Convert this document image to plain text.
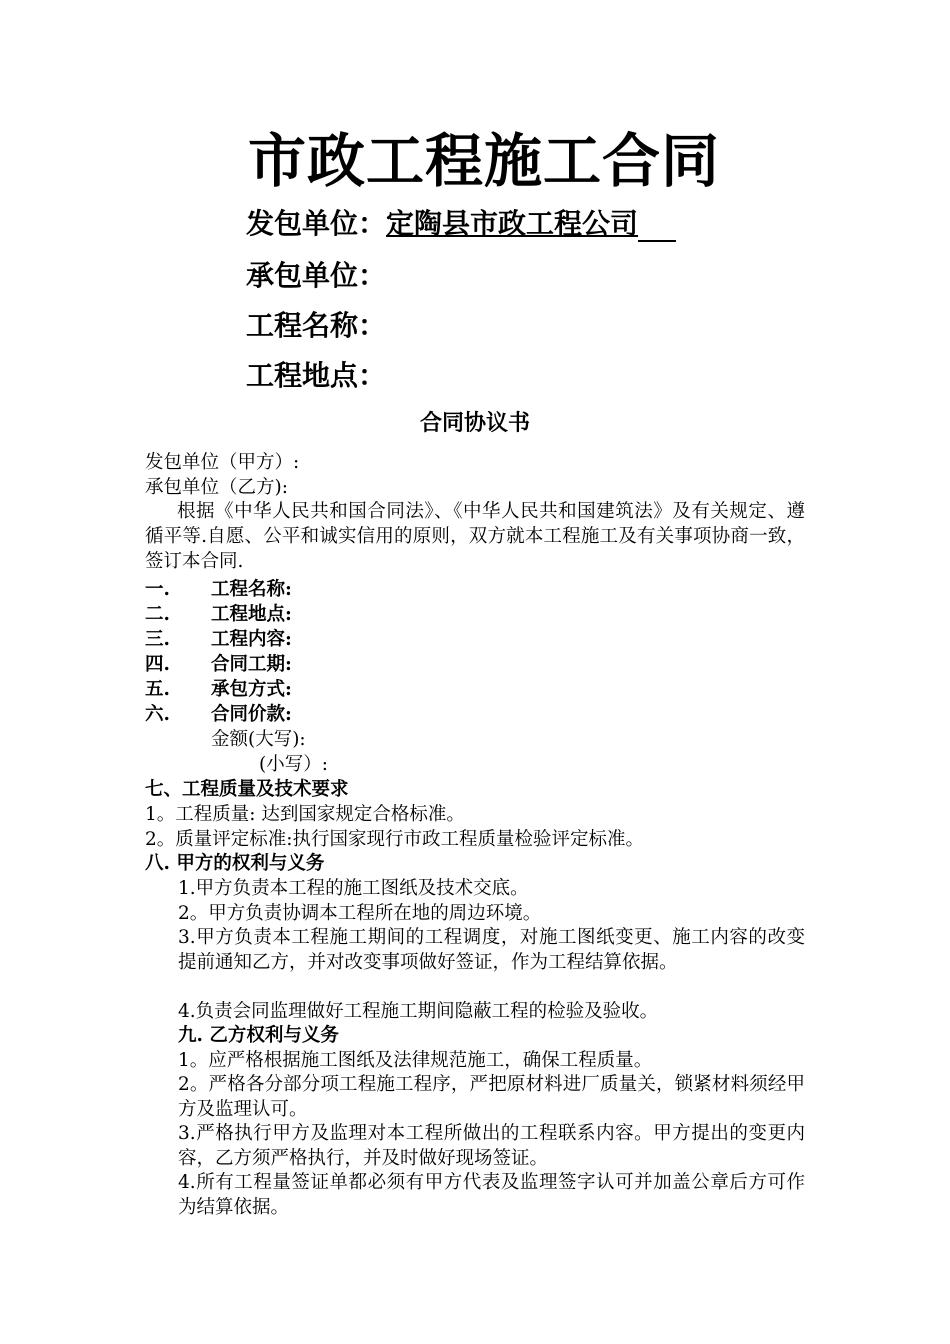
市政工程施工合同
发包单位：定陶县市政工程公司
承包单位：
工程名称：
工程地点：
合同协议书
发包单位（甲方）:
承包单位（乙方):
根据《中华人民共和国合同法》、《中华人民共和国建筑法》及有关规定、遵循平等.自愿、公平和诚实信用的原则，双方就本工程施工及有关事项协商一致，签订本合同.
一. 工程名称:
二. 工程地点:
三. 工程内容:
四. 合同工期:
五. 承包方式:
六. 合同价款:
金额(大写):
(小写）:
七、工程质量及技术要求
1。工程质量: 达到国家规定合格标准。
2。质量评定标准:执行国家现行市政工程质量检验评定标准。
八. 甲方的权利与义务
1.甲方负责本工程的施工图纸及技术交底。
2。甲方负责协调本工程所在地的周边环境。
3.甲方负责本工程施工期间的工程调度，对施工图纸变更、施工内容的改变提前通知乙方，并对改变事项做好签证，作为工程结算依据。
4.负责会同监理做好工程施工期间隐蔽工程的检验及验收。
九. 乙方权利与义务
1。应严格根据施工图纸及法律规范施工，确保工程质量。
2。严格各分部分项工程施工程序，严把原材料进厂质量关，锁紧材料须经甲方及监理认可。
3.严格执行甲方及监理对本工程所做出的工程联系内容。甲方提出的变更内容，乙方须严格执行，并及时做好现场签证。
4.所有工程量签证单都必须有甲方代表及监理签字认可并加盖公章后方可作为结算依据。
